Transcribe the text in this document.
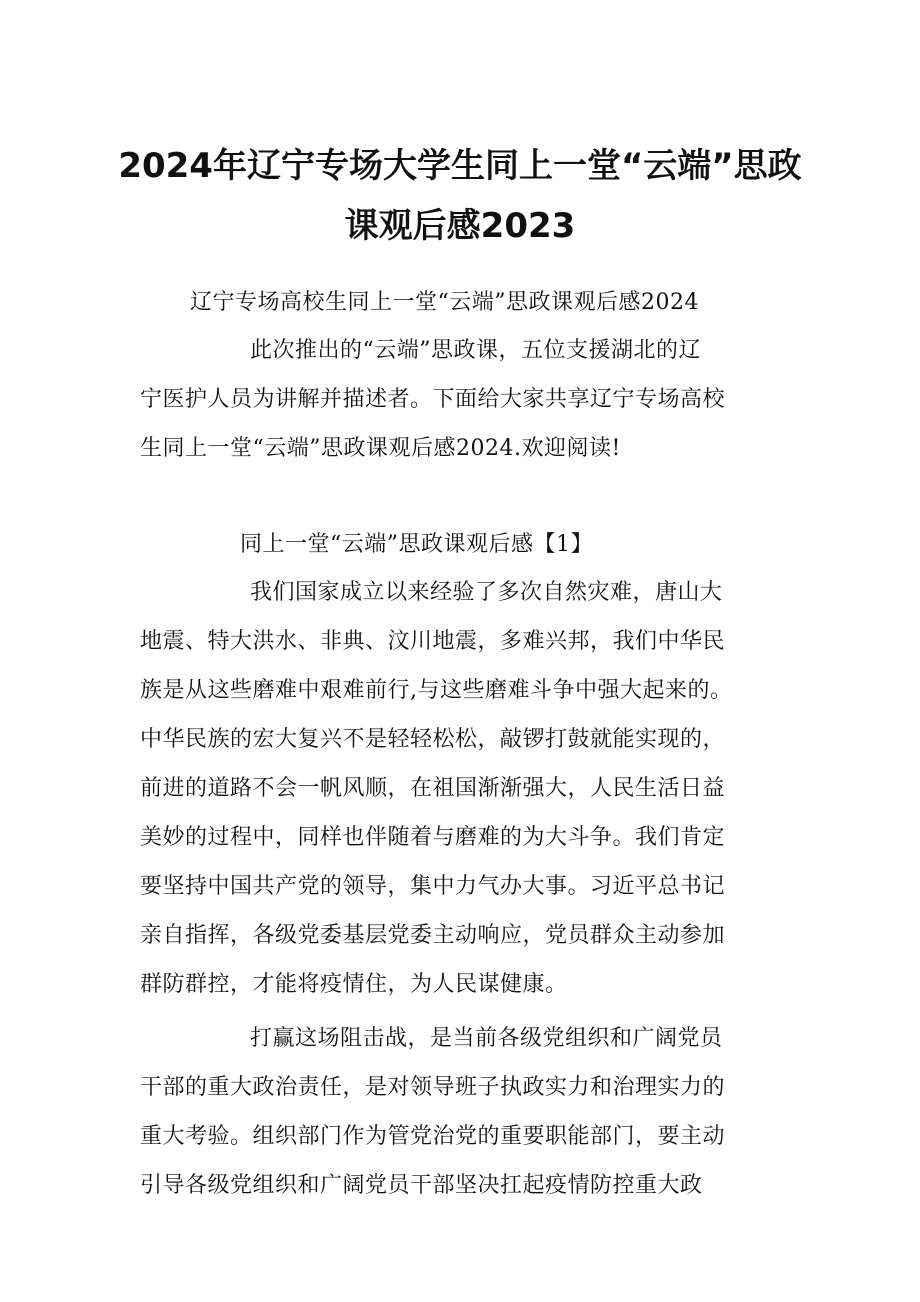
2024年辽宁专场大学生同上一堂“云端”思政
课观后感2023
辽宁专场高校生同上一堂“云端”思政课观后感2024
此次推出的“云端”思政课，五位支援湖北的辽
宁医护人员为讲解并描述者。下面给大家共享辽宁专场高校
生同上一堂“云端”思政课观后感2024.欢迎阅读!
同上一堂“云端”思政课观后感【1】
我们国家成立以来经验了多次自然灾难，唐山大
地震、特大洪水、非典、汶川地震，多难兴邦，我们中华民
族是从这些磨难中艰难前行,与这些磨难斗争中强大起来的。
中华民族的宏大复兴不是轻轻松松，敲锣打鼓就能实现的，
前进的道路不会一帆风顺，在祖国渐渐强大，人民生活日益
美妙的过程中，同样也伴随着与磨难的为大斗争。我们肯定
要坚持中国共产党的领导，集中力气办大事。习近平总书记
亲自指挥，各级党委基层党委主动响应，党员群众主动参加
群防群控，才能将疫情住，为人民谋健康。
打赢这场阻击战，是当前各级党组织和广阔党员
干部的重大政治责任，是对领导班子执政实力和治理实力的
重大考验。组织部门作为管党治党的重要职能部门，要主动
引导各级党组织和广阔党员干部坚决扛起疫情防控重大政
